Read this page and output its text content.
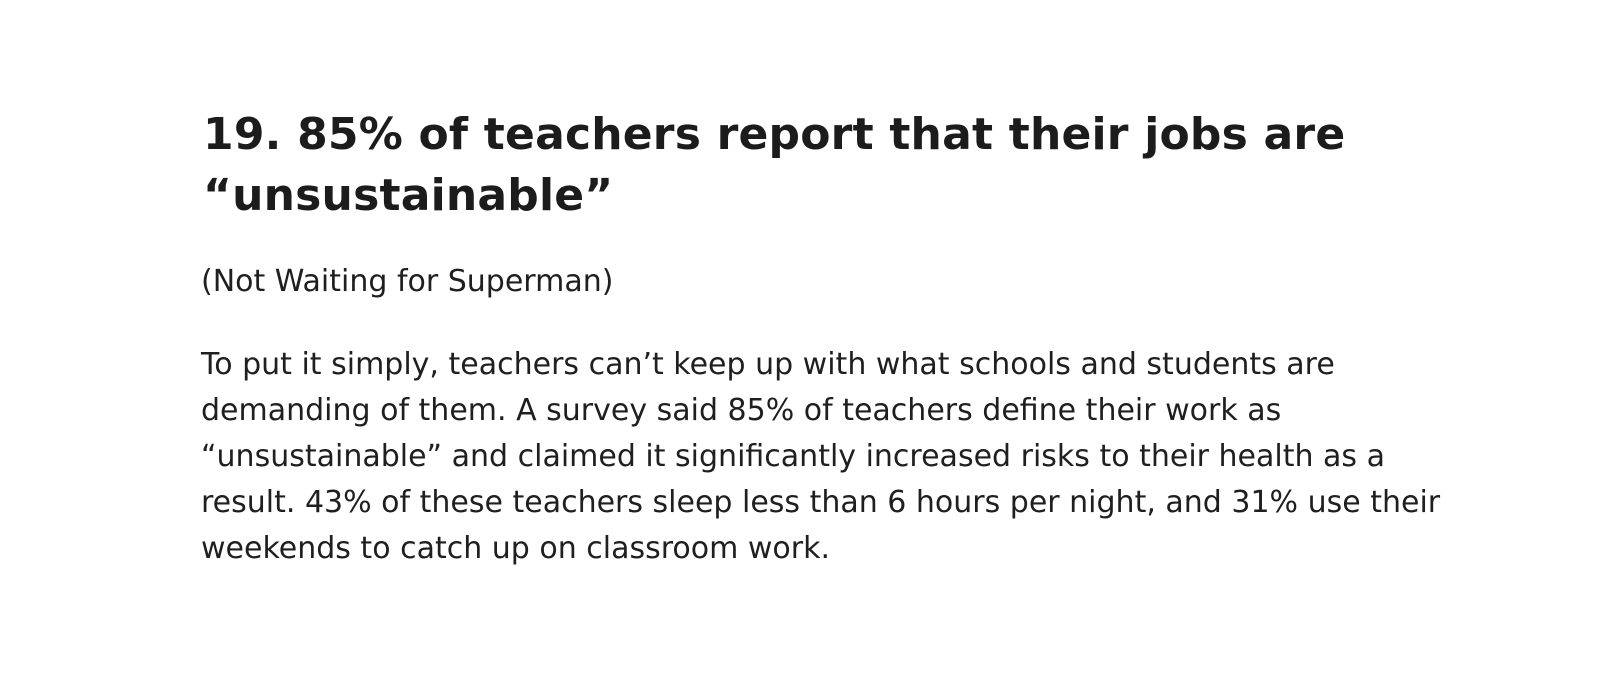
19. 85% of teachers report that their jobs are “unsustainable”
(Not Waiting for Superman)

To put it simply, teachers can’t keep up with what schools and students are demanding of them. A survey said 85% of teachers define their work as “unsustainable” and claimed it significantly increased risks to their health as a result. 43% of these teachers sleep less than 6 hours per night, and 31% use their weekends to catch up on classroom work.
